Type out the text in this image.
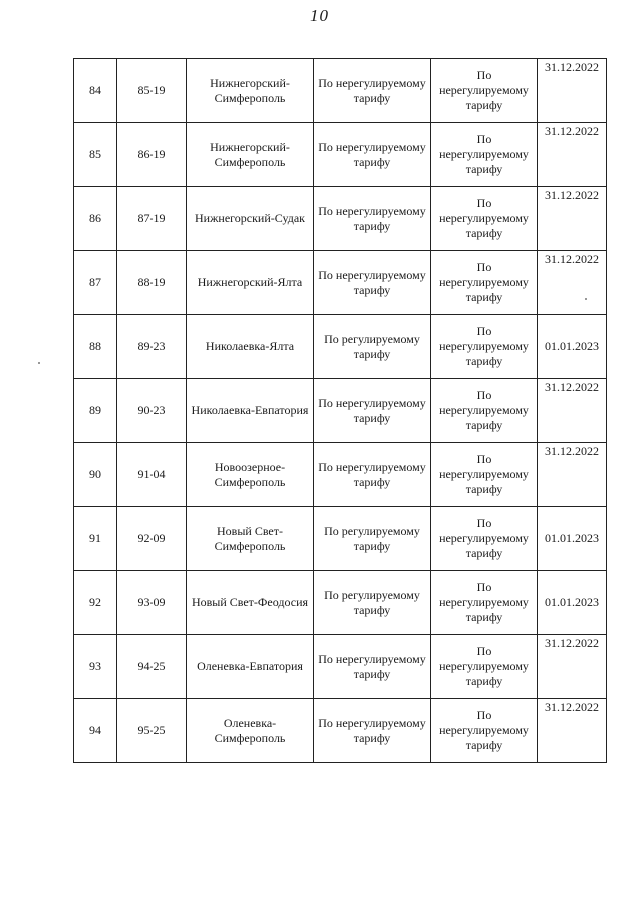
10
84	85-19	Нижнегорский-Симферополь	По нерегулируемому тарифу	По нерегулируемому тарифу	31.12.2022
85	86-19	Нижнегорский-Симферополь	По нерегулируемому тарифу	По нерегулируемому тарифу	31.12.2022
86	87-19	Нижнегорский-Судак	По нерегулируемому тарифу	По нерегулируемому тарифу	31.12.2022
87	88-19	Нижнегорский-Ялта	По нерегулируемому тарифу	По нерегулируемому тарифу	31.12.2022
88	89-23	Николаевка-Ялта	По регулируемому тарифу	По нерегулируемому тарифу	01.01.2023
89	90-23	Николаевка-Евпатория	По нерегулируемому тарифу	По нерегулируемому тарифу	31.12.2022
90	91-04	Новоозерное-Симферополь	По нерегулируемому тарифу	По нерегулируемому тарифу	31.12.2022
91	92-09	Новый Свет-Симферополь	По регулируемому тарифу	По нерегулируемому тарифу	01.01.2023
92	93-09	Новый Свет-Феодосия	По регулируемому тарифу	По нерегулируемому тарифу	01.01.2023
93	94-25	Оленевка-Евпатория	По нерегулируемому тарифу	По нерегулируемому тарифу	31.12.2022
94	95-25	Оленевка-Симферополь	По нерегулируемому тарифу	По нерегулируемому тарифу	31.12.2022
